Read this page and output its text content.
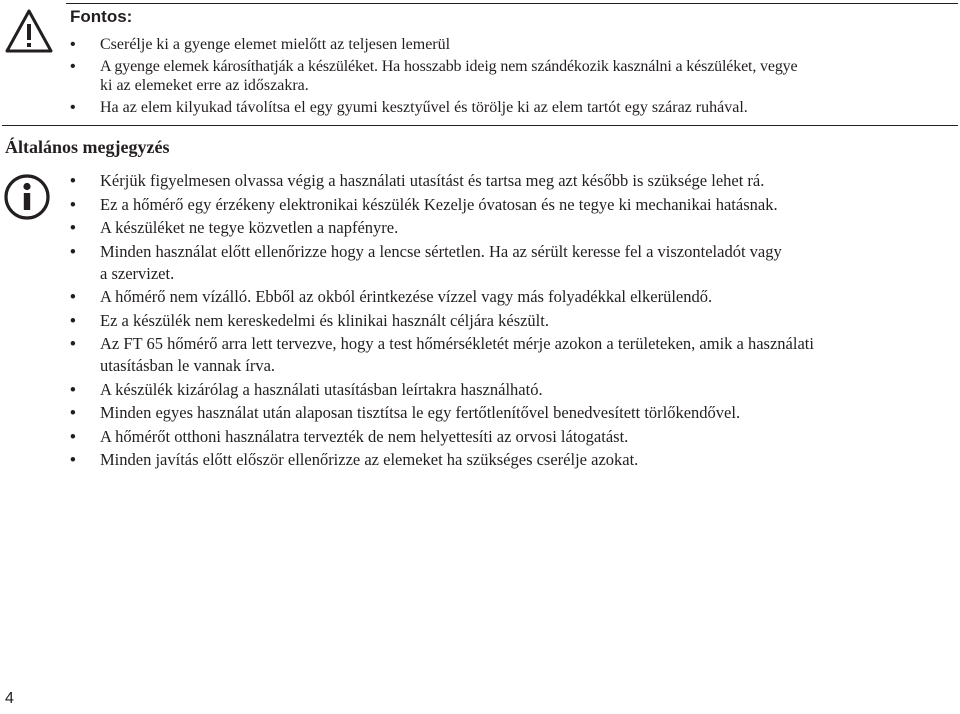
Fontos:
• Cserélje ki a gyenge elemet mielőtt az teljesen lemerül
• A gyenge elemek károsíthatják a készüléket. Ha hosszabb ideig nem szándékozik kasználni a készüléket, vegye
ki az elemeket erre az időszakra.
• Ha az elem kilyukad távolítsa el egy gyumi kesztyűvel és törölje ki az elem tartót egy száraz ruhával.
Általános megjegyzés
• Kérjük figyelmesen olvassa végig a használati utasítást és tartsa meg azt később is szüksége lehet rá.
• Ez a hőmérő egy érzékeny elektronikai készülék Kezelje óvatosan és ne tegye ki mechanikai hatásnak.
• A készüléket ne tegye közvetlen a napfényre.
• Minden használat előtt ellenőrizze hogy a lencse sértetlen. Ha az sérült keresse fel a viszonteladót vagy
a szervizet.
• A hőmérő nem vízálló. Ebből az okból érintkezése vízzel vagy más folyadékkal elkerülendő.
• Ez a készülék nem kereskedelmi és klinikai használt céljára készült.
• Az FT 65 hőmérő arra lett tervezve, hogy a test hőmérsékletét mérje azokon a területeken, amik a használati
utasításban le vannak írva.
• A készülék kizárólag a használati utasításban leírtakra használható.
• Minden egyes használat után alaposan tisztítsa le egy fertőtlenítővel benedvesített törlőkendővel.
• A hőmérőt otthoni használatra tervezték de nem helyettesíti az orvosi látogatást.
• Minden javítás előtt először ellenőrizze az elemeket ha szükséges cserélje azokat.
4
